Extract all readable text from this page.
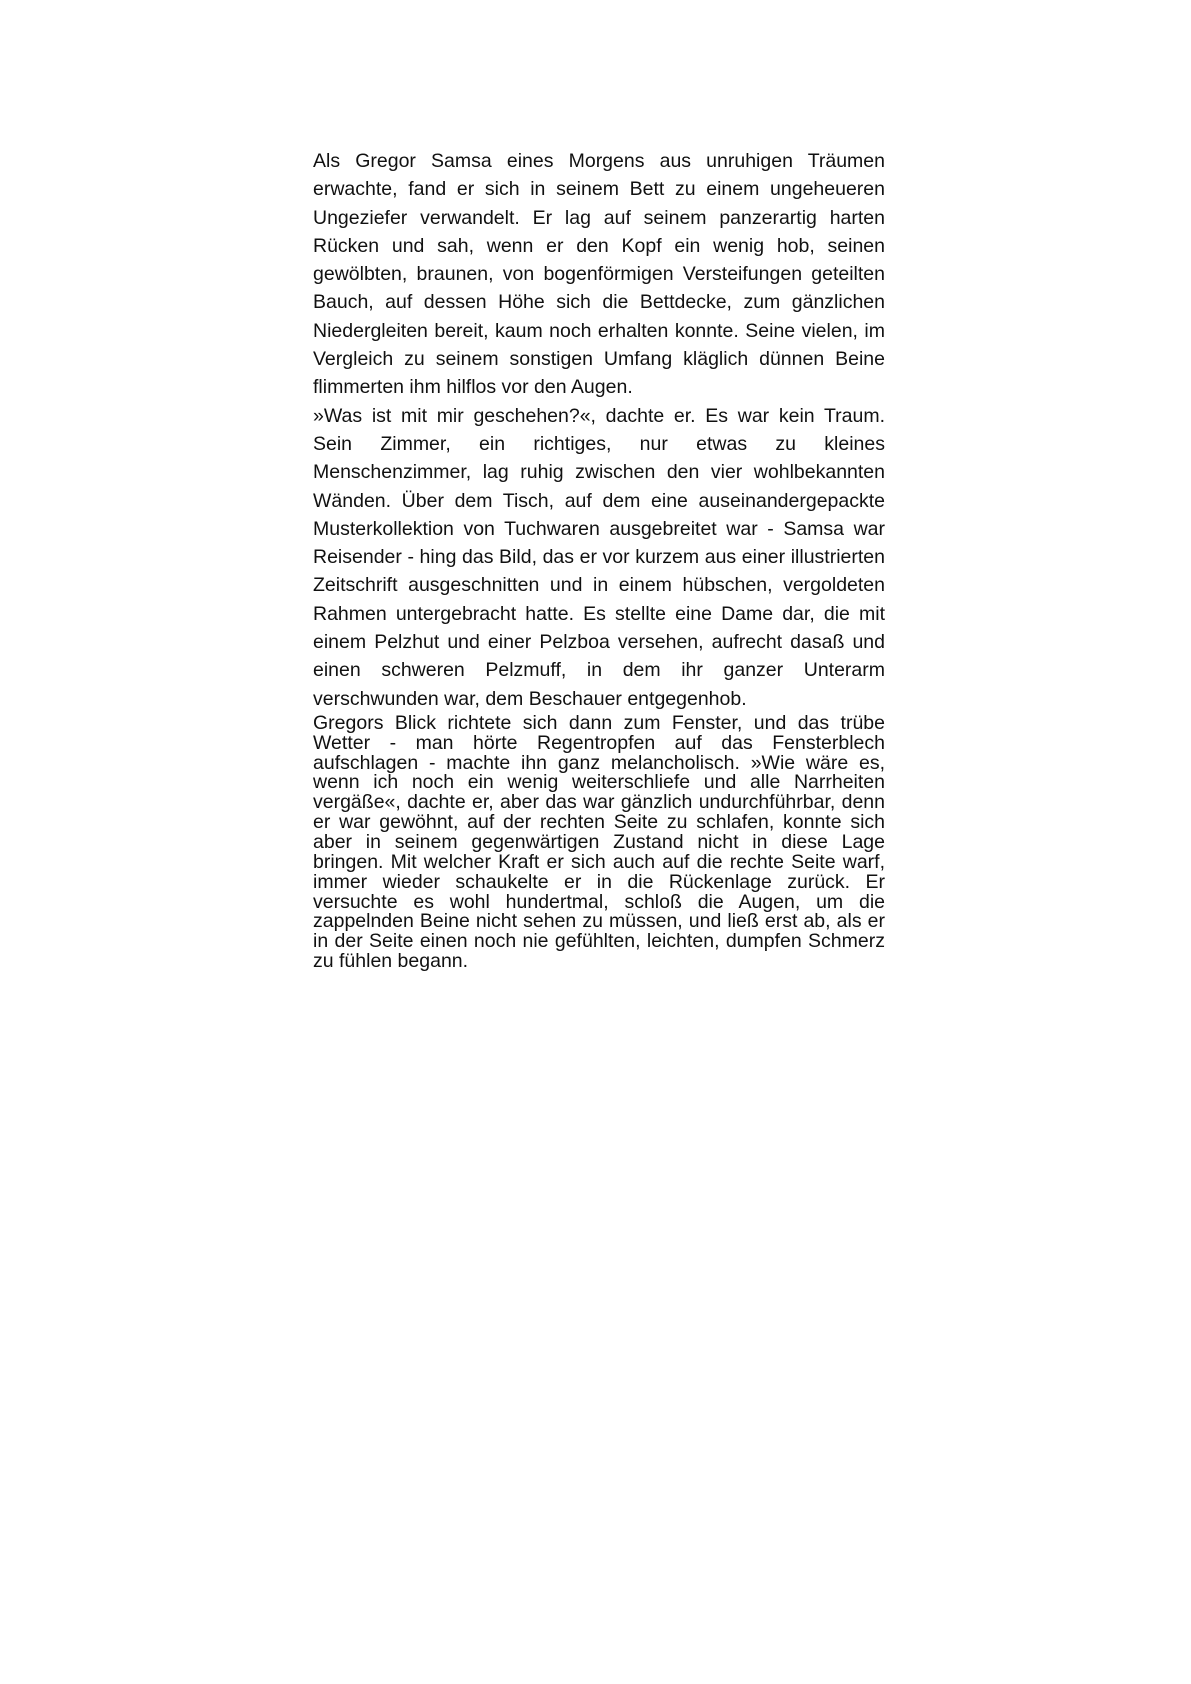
Als Gregor Samsa eines Morgens aus unruhigen Träumen erwachte, fand er sich in seinem Bett zu einem ungeheueren Ungeziefer verwandelt. Er lag auf seinem panzerartig harten Rücken und sah, wenn er den Kopf ein wenig hob, seinen gewölbten, braunen, von bogenförmigen Versteifungen geteilten Bauch, auf dessen Höhe sich die Bettdecke, zum gänzlichen Niedergleiten bereit, kaum noch erhalten konnte. Seine vielen, im Vergleich zu seinem sonstigen Umfang kläglich dünnen Beine flimmerten ihm hilflos vor den Augen.

»Was ist mit mir geschehen?«, dachte er. Es war kein Traum. Sein Zimmer, ein richtiges, nur etwas zu kleines Menschenzimmer, lag ruhig zwischen den vier wohlbekannten Wänden. Über dem Tisch, auf dem eine auseinandergepackte Musterkollektion von Tuchwaren ausgebreitet war - Samsa war Reisender - hing das Bild, das er vor kurzem aus einer illustrierten Zeitschrift ausgeschnitten und in einem hübschen, vergoldeten Rahmen untergebracht hatte. Es stellte eine Dame dar, die mit einem Pelzhut und einer Pelzboa versehen, aufrecht dasaß und einen schweren Pelzmuff, in dem ihr ganzer Unterarm verschwunden war, dem Beschauer entgegenhob.

Gregors Blick richtete sich dann zum Fenster, und das trübe Wetter - man hörte Regentropfen auf das Fensterblech aufschlagen - machte ihn ganz melancholisch. »Wie wäre es, wenn ich noch ein wenig weiterschliefe und alle Narrheiten vergäße«, dachte er, aber das war gänzlich undurchführbar, denn er war gewöhnt, auf der rechten Seite zu schlafen, konnte sich aber in seinem gegenwärtigen Zustand nicht in diese Lage bringen. Mit welcher Kraft er sich auch auf die rechte Seite warf, immer wieder schaukelte er in die Rückenlage zurück. Er versuchte es wohl hundertmal, schloß die Augen, um die zappelnden Beine nicht sehen zu müssen, und ließ erst ab, als er in der Seite einen noch nie gefühlten, leichten, dumpfen Schmerz zu fühlen begann.
